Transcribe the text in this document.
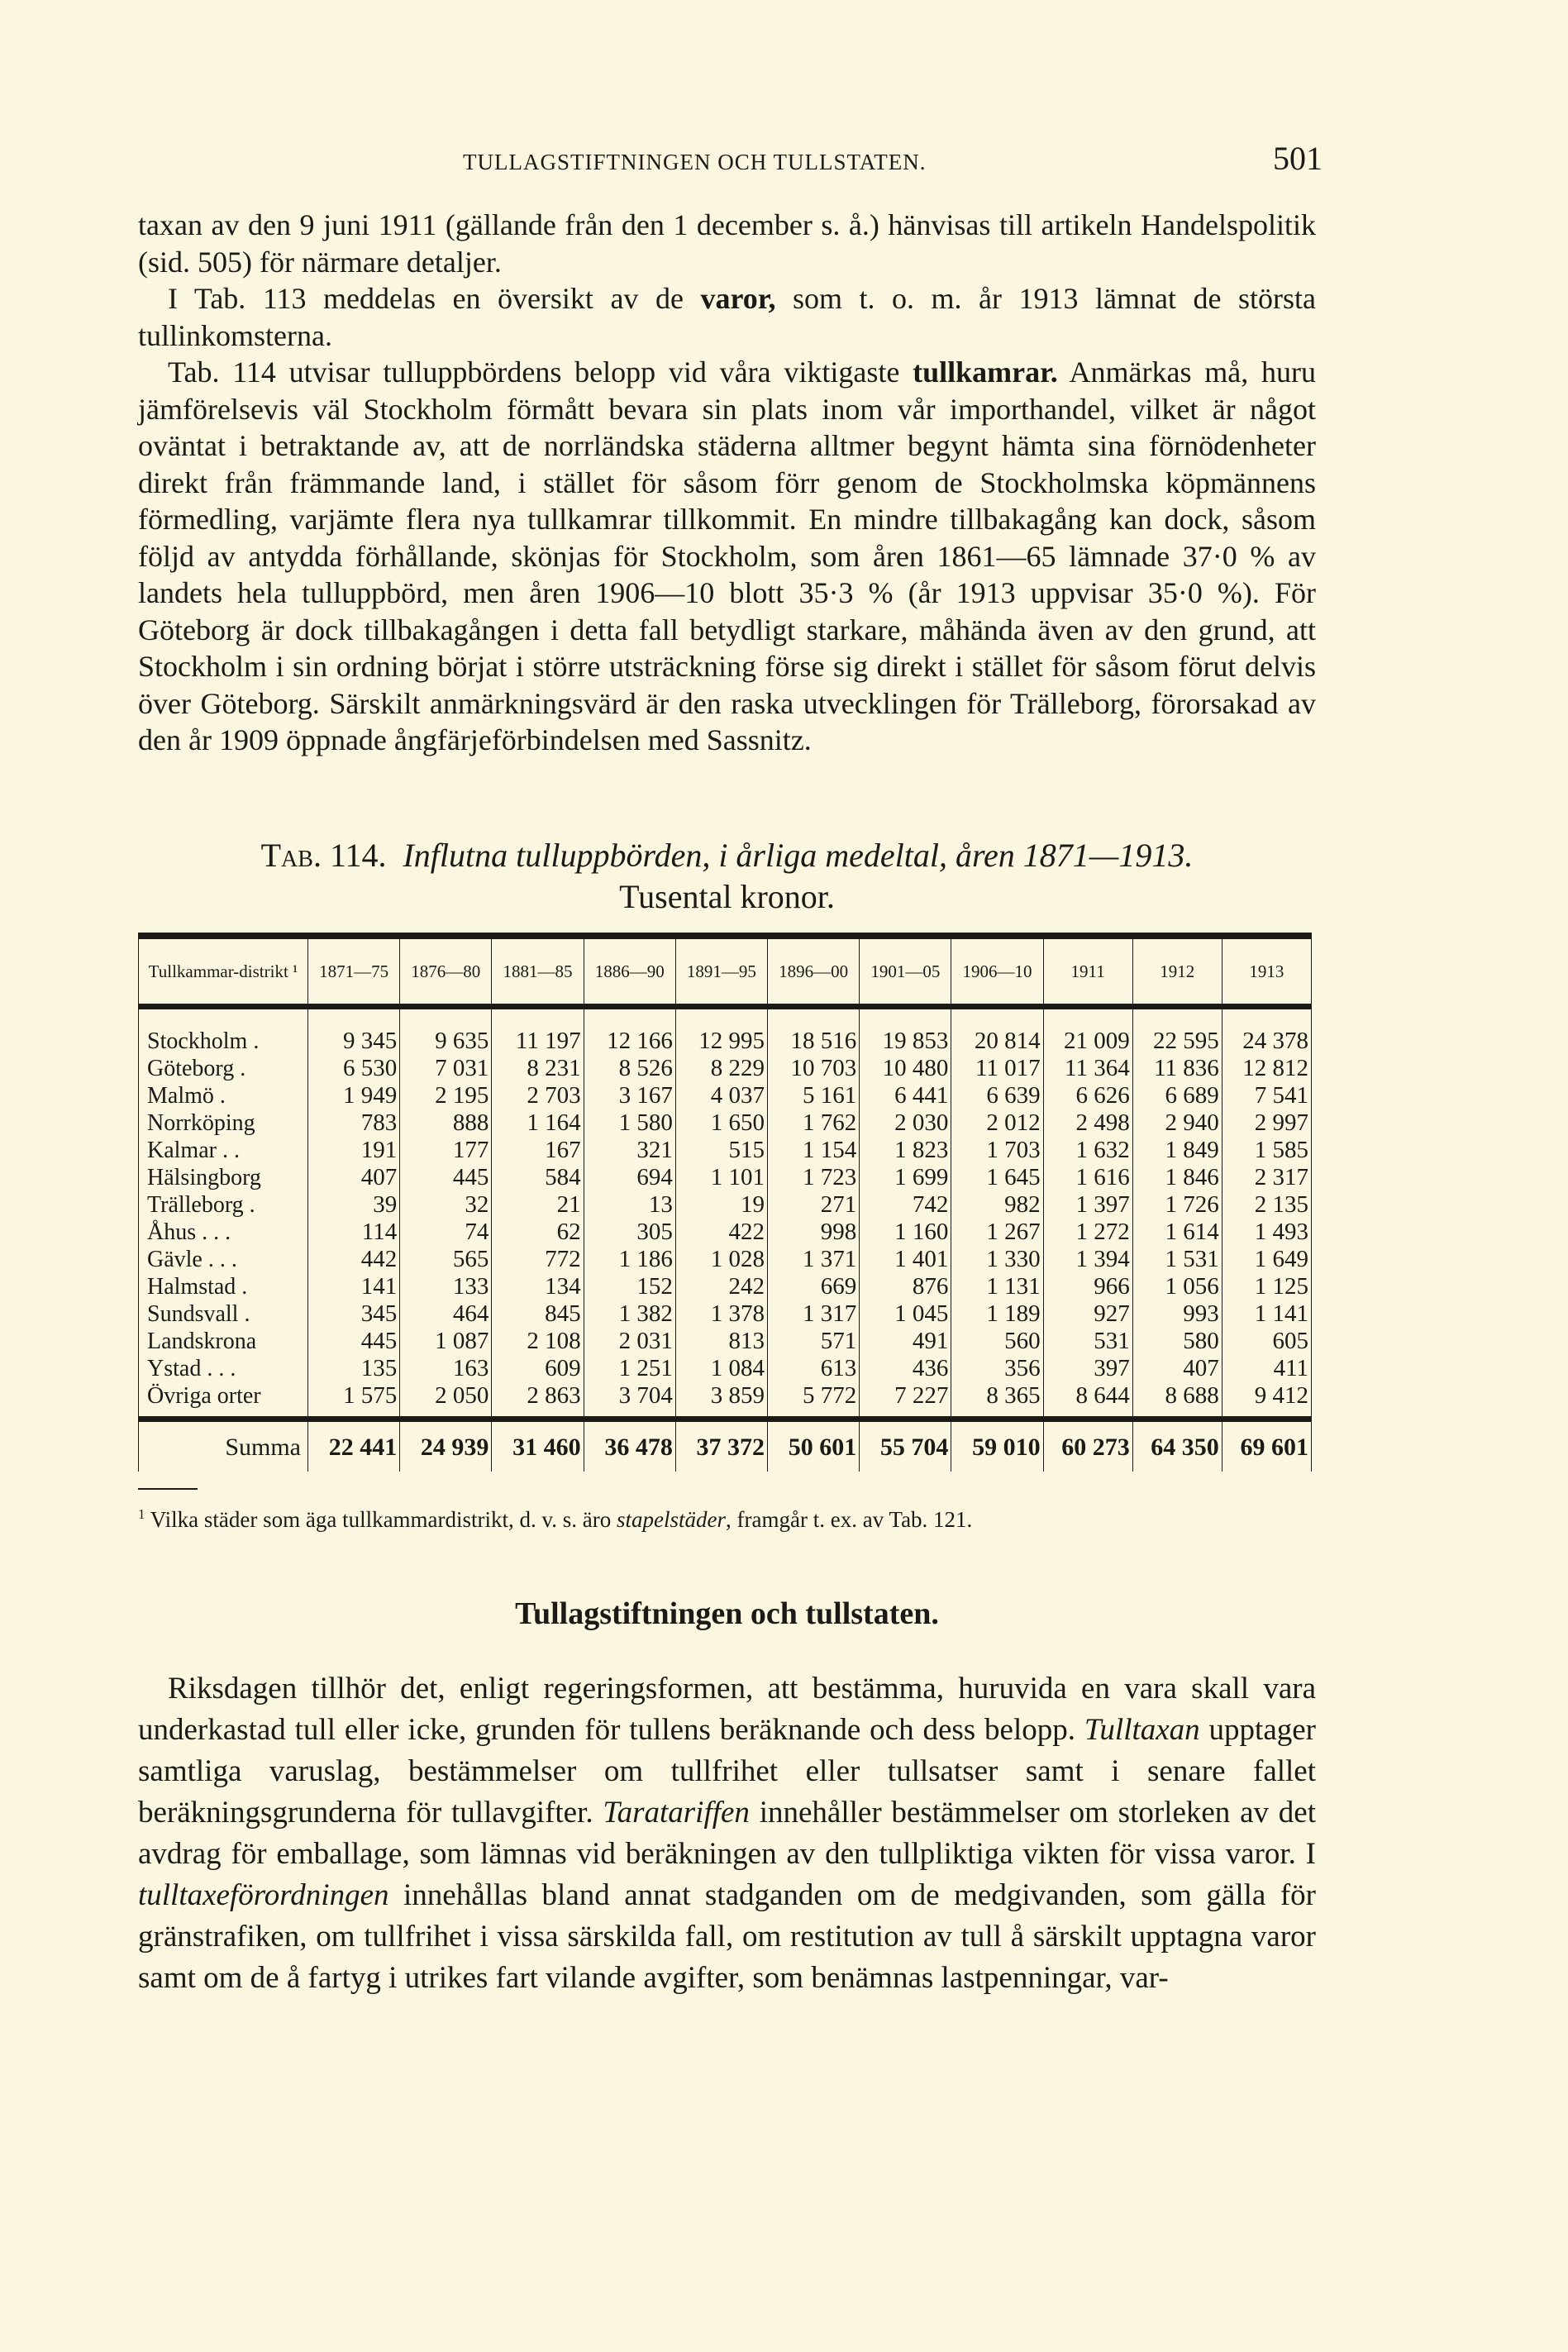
TULLAGSTIFTNINGEN OCH TULLSTATEN.	501

taxan av den 9 juni 1911 (gällande från den 1 december s. å.) hänvisas till artikeln Handelspolitik (sid. 505) för närmare detaljer.

I Tab. 113 meddelas en översikt av de varor, som t. o. m. år 1913 lämnat de största tullinkomsterna.

Tab. 114 utvisar tulluppbördens belopp vid våra viktigaste tullkamrar. Anmärkas må, huru jämförelsevis väl Stockholm förmått bevara sin plats inom vår importhandel, vilket är något oväntat i betraktande av, att de norrländska städerna alltmer begynt hämta sina förnödenheter direkt från främmande land, i stället för såsom förr genom de Stockholmska köpmännens förmedling, varjämte flera nya tullkamrar tillkommit. En mindre tillbakagång kan dock, såsom följd av antydda förhållande, skönjas för Stockholm, som åren 1861—65 lämnade 37·0 % av landets hela tulluppbörd, men åren 1906—10 blott 35·3 % (år 1913 uppvisar 35·0 %). För Göteborg är dock tillbakagången i detta fall betydligt starkare, måhända även av den grund, att Stockholm i sin ordning börjat i större utsträckning förse sig direkt i stället för såsom förut delvis över Göteborg. Särskilt anmärkningsvärd är den raska utvecklingen för Trälleborg, förorsakad av den år 1909 öppnade ångfärjeförbindelsen med Sassnitz.

Tab. 114. Influtna tulluppbörden, i årliga medeltal, åren 1871—1913.
Tusental kronor.
Tullkammar-distrikt ¹	1871—75	1876—80	1881—85	1886—90	1891—95	1896—00	1901—05	1906—10	1911	1912	1913
Stockholm .	9 345	9 635	11 197	12 166	12 995	18 516	19 853	20 814	21 009	22 595	24 378
Göteborg .	6 530	7 031	8 231	8 526	8 229	10 703	10 480	11 017	11 364	11 836	12 812
Malmö .	1 949	2 195	2 703	3 167	4 037	5 161	6 441	6 639	6 626	6 689	7 541
Norrköping	783	888	1 164	1 580	1 650	1 762	2 030	2 012	2 498	2 940	2 997
Kalmar . .	191	177	167	321	515	1 154	1 823	1 703	1 632	1 849	1 585
Hälsingborg	407	445	584	694	1 101	1 723	1 699	1 645	1 616	1 846	2 317
Trälleborg .	39	32	21	13	19	271	742	982	1 397	1 726	2 135
Åhus . . .	114	74	62	305	422	998	1 160	1 267	1 272	1 614	1 493
Gävle . . .	442	565	772	1 186	1 028	1 371	1 401	1 330	1 394	1 531	1 649
Halmstad .	141	133	134	152	242	669	876	1 131	966	1 056	1 125
Sundsvall .	345	464	845	1 382	1 378	1 317	1 045	1 189	927	993	1 141
Landskrona	445	1 087	2 108	2 031	813	571	491	560	531	580	605
Ystad . . .	135	163	609	1 251	1 084	613	436	356	397	407	411
Övriga orter	1 575	2 050	2 863	3 704	3 859	5 772	7 227	8 365	8 644	8 688	9 412
Summa	22 441	24 939	31 460	36 478	37 372	50 601	55 704	59 010	60 273	64 350	69 601
$^1$ Vilka städer som äga tullkammardistrikt, d. v. s. äro stapelstäder, framgår t. ex. av Tab. 121.
Tullagstiftningen och tullstaten.

Riksdagen tillhör det, enligt regeringsformen, att bestämma, huruvida en vara skall vara underkastad tull eller icke, grunden för tullens beräknande och dess belopp. Tulltaxan upptager samtliga varuslag, bestämmelser om tullfrihet eller tullsatser samt i senare fallet beräkningsgrunderna för tullavgifter. Taratariffen innehåller bestämmelser om storleken av det avdrag för emballage, som lämnas vid beräkningen av den tullpliktiga vikten för vissa varor. I tulltaxeförordningen innehållas bland annat stadganden om de medgivanden, som gälla för gränstrafiken, om tullfrihet i vissa särskilda fall, om restitution av tull å särskilt upptagna varor samt om de å fartyg i utrikes fart vilande avgifter, som benämnas lastpenningar, var-
